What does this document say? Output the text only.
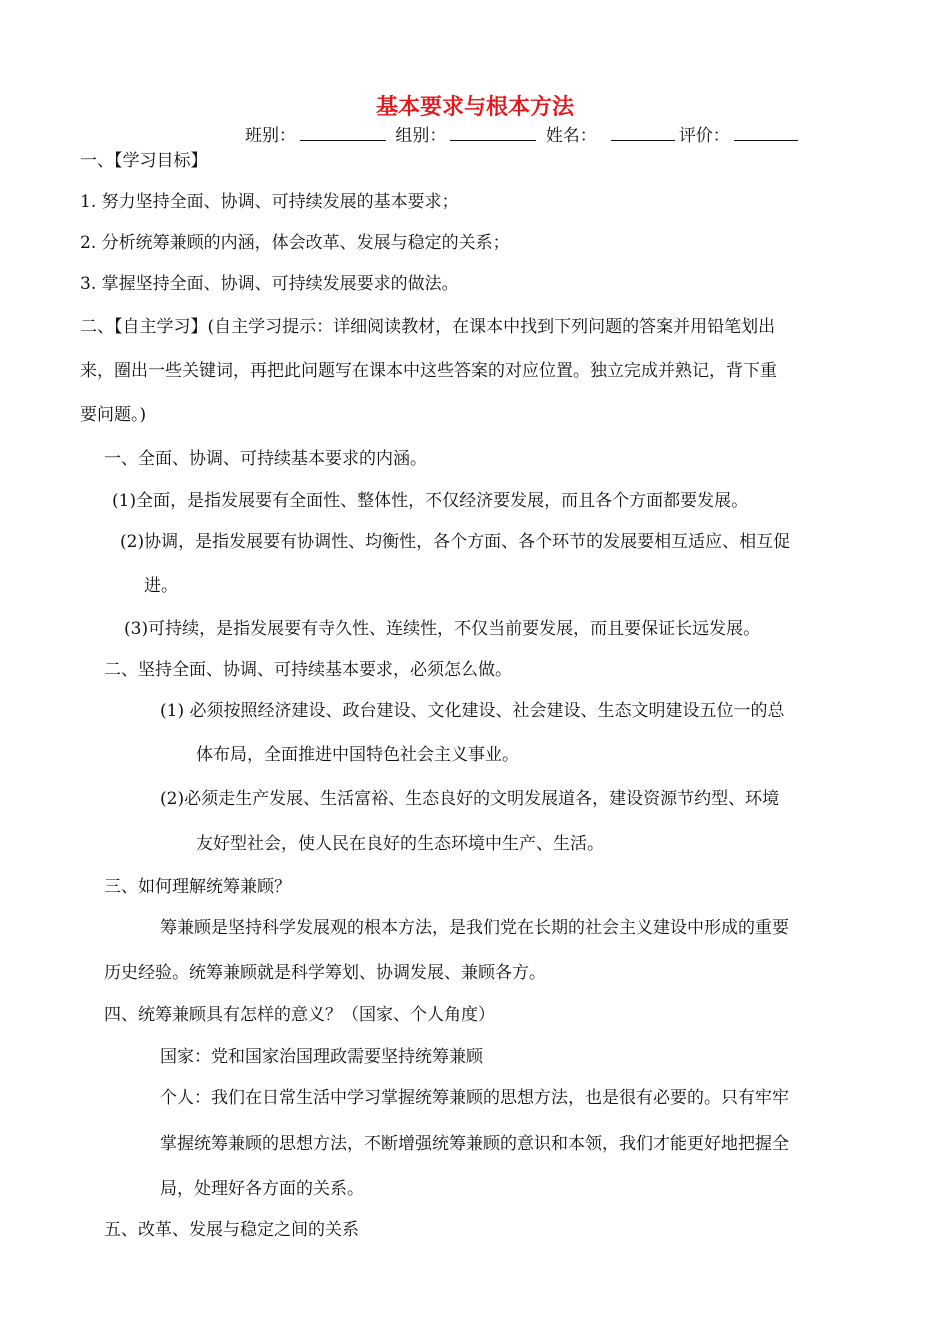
基本要求与根本方法
班别：	组别：	姓名：	评价：
一、【学习目标】
1. 努力坚持全面、协调、可持续发展的基本要求；
2. 分析统筹兼顾的内涵，体会改革、发展与稳定的关系；
3. 掌握坚持全面、协调、可持续发展要求的做法。
二、【自主学习】(自主学习提示：详细阅读教材，在课本中找到下列问题的答案并用铅笔划出
来，圈出一些关键词，再把此问题写在课本中这些答案的对应位置。独立完成并熟记，背下重
要问题。)
一、全面、协调、可持续基本要求的内涵。
(1)全面，是指发展要有全面性、整体性，不仅经济要发展，而且各个方面都要发展。
(2)协调，是指发展要有协调性、均衡性，各个方面、各个环节的发展要相互适应、相互促
进。
(3)可持续，是指发展要有寺久性、连续性，不仅当前要发展，而且要保证长远发展。
二、坚持全面、协调、可持续基本要求，必须怎么做。
(1) 必须按照经济建设、政台建设、文化建设、社会建设、生态文明建设五位一的总
体布局，全面推进中国特色社会主义事业。
(2)必须走生产发展、生活富裕、生态良好的文明发展道各，建设资源节约型、环境
友好型社会，使人民在良好的生态环境中生产、生活。
三、如何理解统筹兼顾？
筹兼顾是坚持科学发展观的根本方法，是我们党在长期的社会主义建设中形成的重要
历史经验。统筹兼顾就是科学筹划、协调发展、兼顾各方。
四、统筹兼顾具有怎样的意义？（国家、个人角度）
国家：党和国家治国理政需要坚持统筹兼顾
个人：我们在日常生活中学习掌握统筹兼顾的思想方法，也是很有必要的。只有牢牢
掌握统筹兼顾的思想方法，不断增强统筹兼顾的意识和本领，我们才能更好地把握全
局，处理好各方面的关系。
五、改革、发展与稳定之间的关系
